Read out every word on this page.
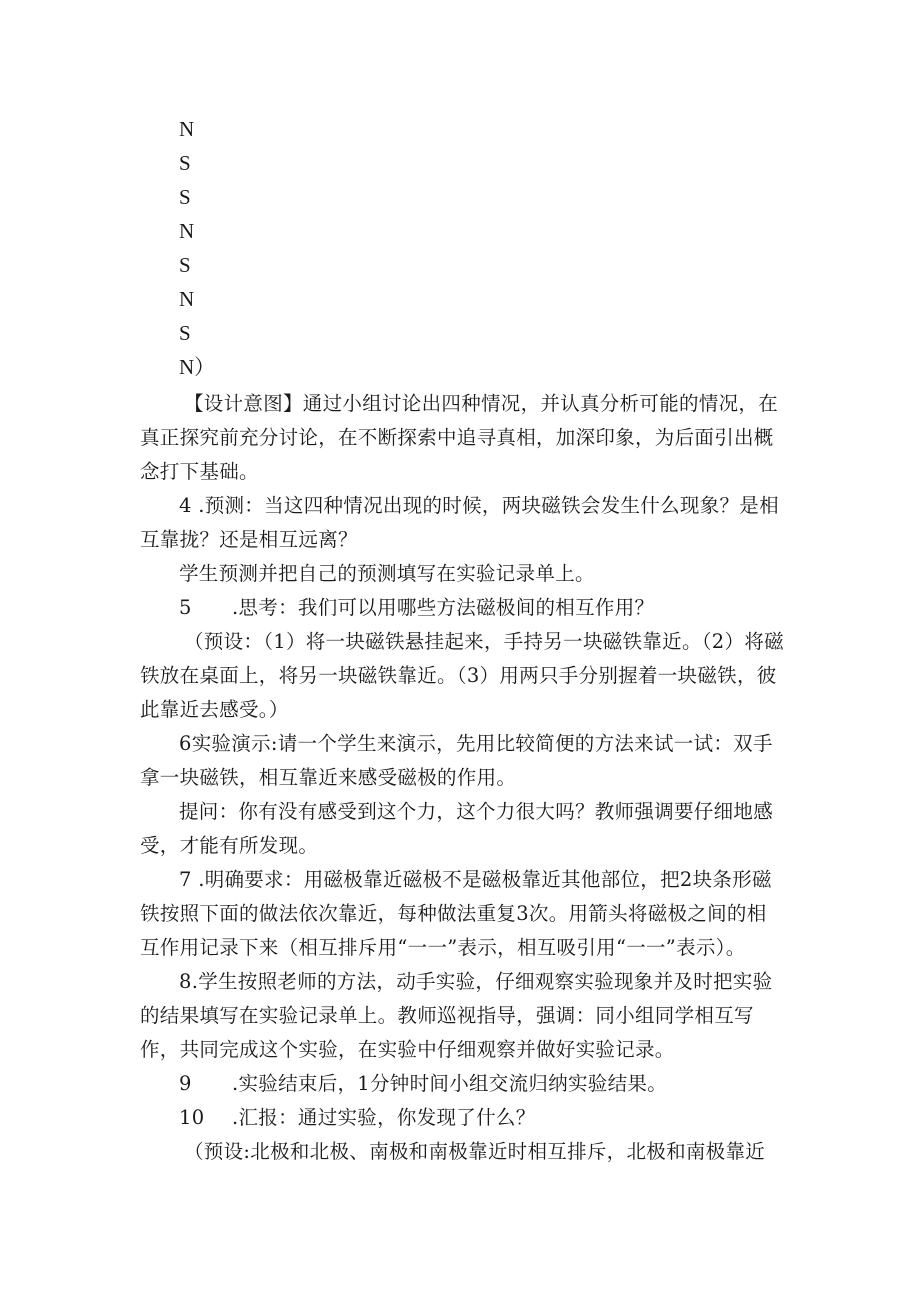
N

S

S

N

S

N

S

N）

【设计意图】通过小组讨论出四种情况，并认真分析可能的情况，在真正探究前充分讨论，在不断探索中追寻真相，加深印象，为后面引出概念打下基础。

4 .预测：当这四种情况出现的时候，两块磁铁会发生什么现象？是相互靠拢？还是相互远离？

学生预测并把自己的预测填写在实验记录单上。

5 .思考：我们可以用哪些方法磁极间的相互作用？

（预设：（1）将一块磁铁悬挂起来，手持另一块磁铁靠近。（2）将磁铁放在桌面上，将另一块磁铁靠近。（3）用两只手分别握着一块磁铁，彼此靠近去感受。）

6实验演示:请一个学生来演示，先用比较简便的方法来试一试：双手拿一块磁铁，相互靠近来感受磁极的作用。

提问：你有没有感受到这个力，这个力很大吗？教师强调要仔细地感受，才能有所发现。

7 .明确要求：用磁极靠近磁极不是磁极靠近其他部位，把2块条形磁铁按照下面的做法依次靠近，每种做法重复3次。用箭头将磁极之间的相互作用记录下来（相互排斥用“一一”表示，相互吸引用“一一”表示）。

8.学生按照老师的方法，动手实验，仔细观察实验现象并及时把实验的结果填写在实验记录单上。教师巡视指导，强调：同小组同学相互写作，共同完成这个实验，在实验中仔细观察并做好实验记录。

9 .实验结束后，1分钟时间小组交流归纳实验结果。

10 .汇报：通过实验，你发现了什么？

（预设:北极和北极、南极和南极靠近时相互排斥，北极和南极靠近
